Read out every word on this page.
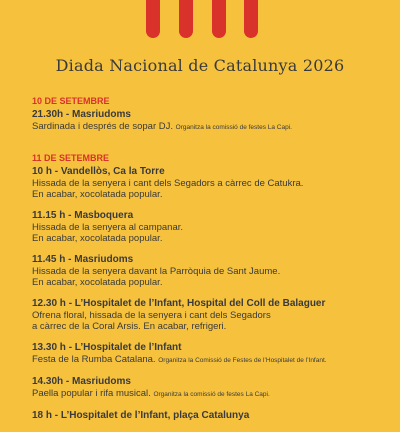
Diada Nacional de Catalunya 2026
10 DE SETEMBRE
21.30h - Masriudoms
Sardinada i després de sopar DJ. Organitza la comissió de festes La Capi.
11 DE SETEMBRE
10 h - Vandellòs, Ca la Torre
Hissada de la senyera i cant dels Segadors a càrrec de Catukra.
En acabar, xocolatada popular.
11.15 h - Masboquera
Hissada de la senyera al campanar.
En acabar, xocolatada popular.
11.45 h - Masriudoms
Hissada de la senyera davant la Parròquia de Sant Jaume.
En acabar, xocolatada popular.
12.30 h - L’Hospitalet de l’Infant, Hospital del Coll de Balaguer
Ofrena floral, hissada de la senyera i cant dels Segadors
a càrrec de la Coral Arsis. En acabar, refrigeri.
13.30 h - L’Hospitalet de l’Infant
Festa de la Rumba Catalana. Organitza la Comissió de Festes de l’Hospitalet de l’Infant.
14.30h - Masriudoms
Paella popular i rifa musical. Organitza la comissió de festes La Capi.
18 h - L’Hospitalet de l’Infant, plaça Catalunya
